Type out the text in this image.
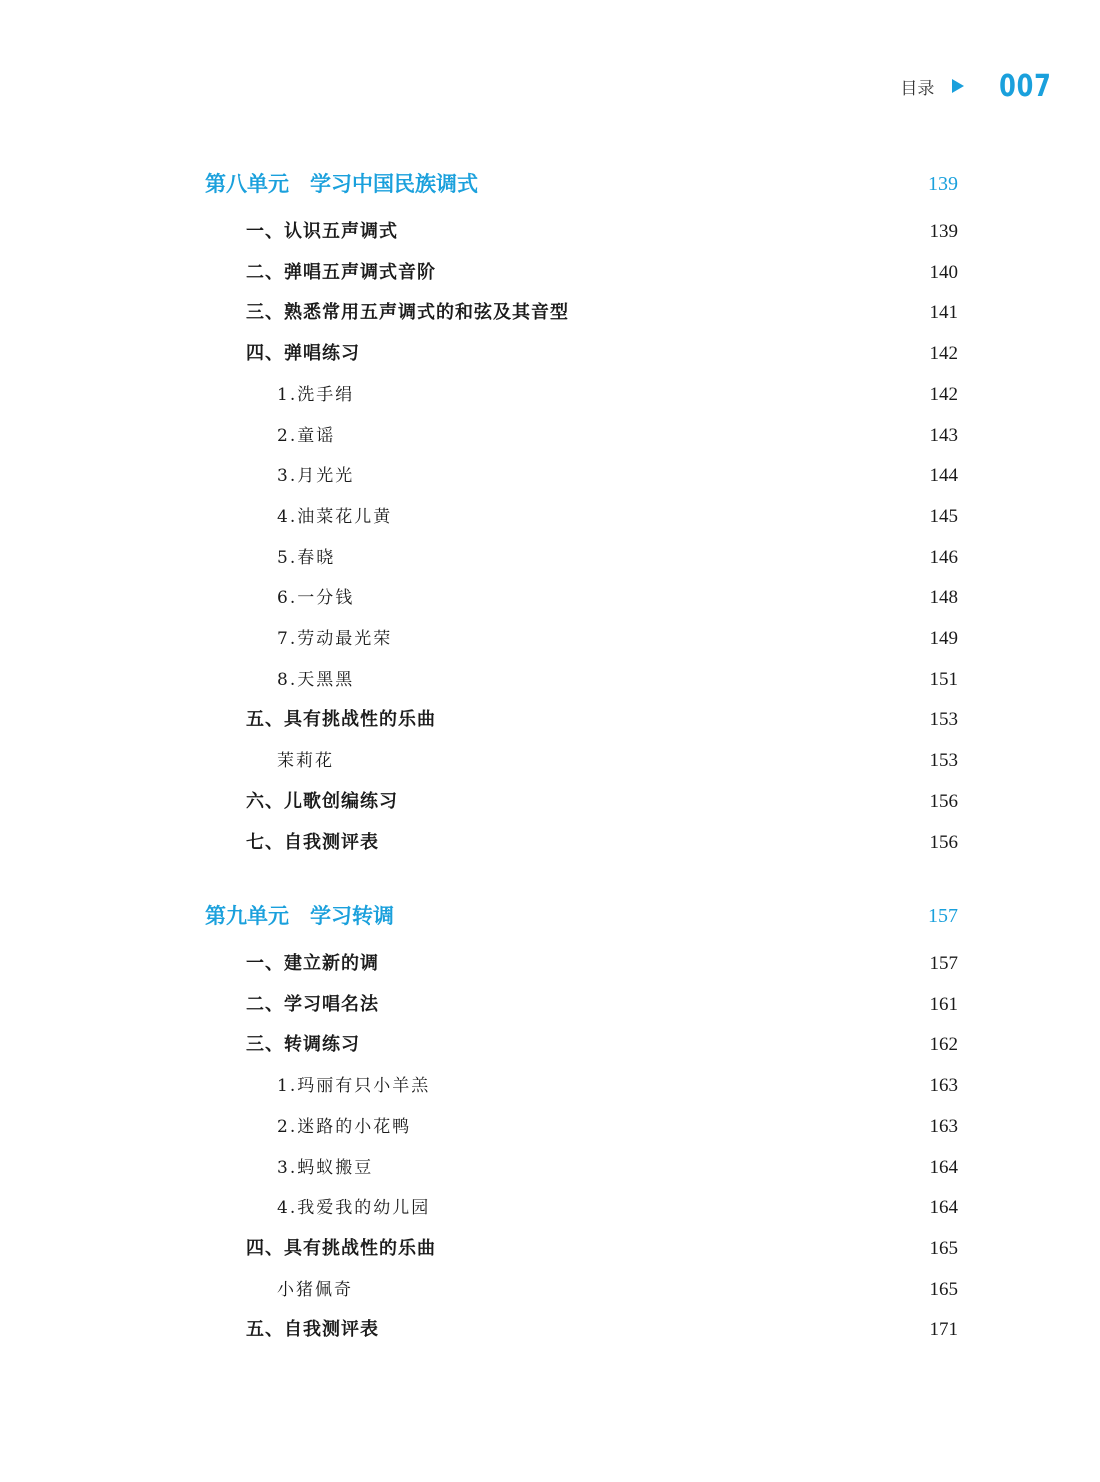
目录 007
第八单元　学习中国民族调式	139
一、认识五声调式	139
二、弹唱五声调式音阶	140
三、熟悉常用五声调式的和弦及其音型	141
四、弹唱练习	142
1.洗手绢	142
2.童谣	143
3.月光光	144
4.油菜花儿黄	145
5.春晓	146
6.一分钱	148
7.劳动最光荣	149
8.天黑黑	151
五、具有挑战性的乐曲	153
茉莉花	153
六、儿歌创编练习	156
七、自我测评表	156
第九单元　学习转调	157
一、建立新的调	157
二、学习唱名法	161
三、转调练习	162
1.玛丽有只小羊羔	163
2.迷路的小花鸭	163
3.蚂蚁搬豆	164
4.我爱我的幼儿园	164
四、具有挑战性的乐曲	165
小猪佩奇	165
五、自我测评表	171
